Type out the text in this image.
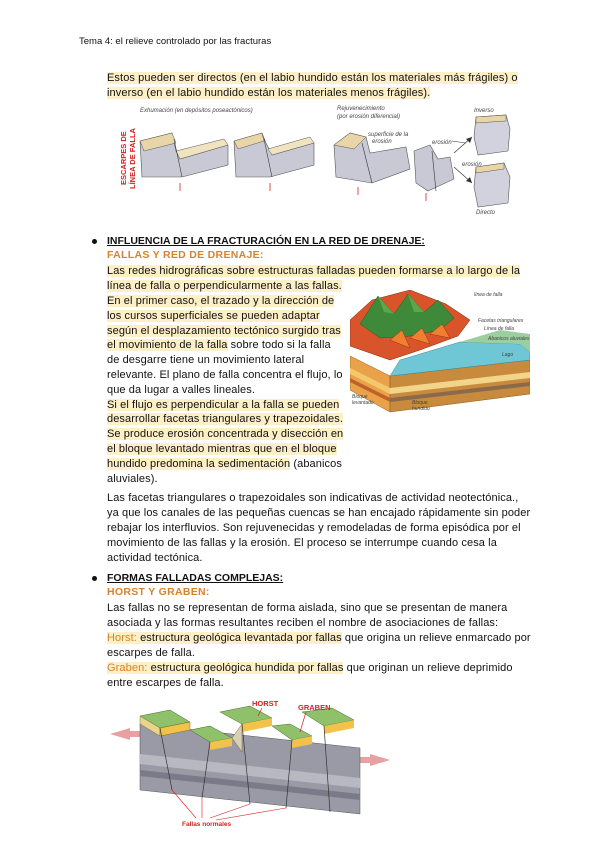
Tema 4: el relieve controlado por las fracturas
Estos pueden ser directos (en el labio hundido están los materiales más frágiles) o
inverso (en el labio hundido están los materiales menos frágiles).
ESCARPES DE LÍNEA DE FALLA
Exhumación (en depósitos poseactónicos)	Rejuvenecimiento
(por erosión diferencial)
superficie de la
erosión
Inverso
erosión
erosión
Directo
INFLUENCIA DE LA FRACTURACIÓN EN LA RED DE DRENAJE:
FALLAS Y RED DE DRENAJE:
Las redes hidrográficas sobre estructuras falladas pueden formarse a lo largo de la
línea de falla o perpendicularmente a las fallas.
En el primer caso, el trazado y la dirección de
los cursos superficiales se pueden adaptar
según el desplazamiento tectónico surgido tras
el movimiento de la falla sobre todo si la falla
de desgarre tiene un movimiento lateral
relevante. El plano de falla concentra el flujo, lo
que da lugar a valles lineales.
Si el flujo es perpendicular a la falla se pueden
desarrollar facetas triangulares y trapezoidales.
Se produce erosión concentrada y disección en
el bloque levantado mientras que en el bloque
hundido predomina la sedimentación (abanicos
aluviales).
Las facetas triangulares o trapezoidales son indicativas de actividad neotectónica.,
ya que los canales de las pequeñas cuencas se han encajado rápidamente sin poder
rebajar los interfluvios. Son rejuvenecidas y remodeladas de forma episódica por el
movimiento de las fallas y la erosión. El proceso se interrumpe cuando cesa la
actividad tectónica.
línea de falla
Facetas triangulares
Línea de falla
Abanicos aluviales
Lago
Bloque
levantado	Bloque
hundido
FORMAS FALLADAS COMPLEJAS:
HORST Y GRABEN:
Las fallas no se representan de forma aislada, sino que se presentan de manera
asociada y las formas resultantes reciben el nombre de asociaciones de fallas:
Horst: estructura geológica levantada por fallas que origina un relieve enmarcado por
escarpes de falla.
Graben: estructura geológica hundida por fallas que originan un relieve deprimido
entre escarpes de falla.
HORST	GRABEN
Fallas normales
